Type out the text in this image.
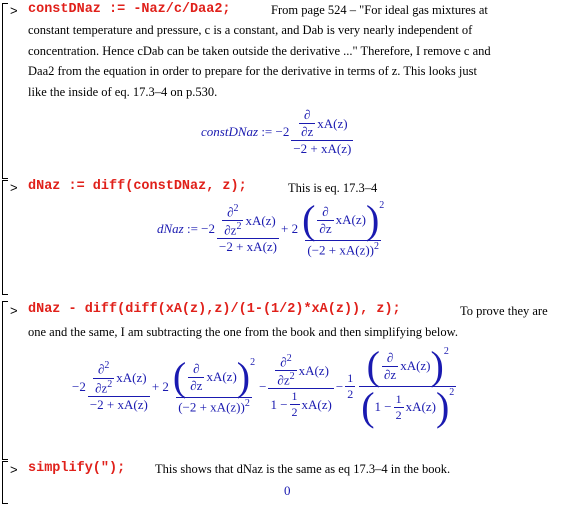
> constDNaz := -Naz/c/Daa2;	From page 524 – "For ideal gas mixtures at
constant temperature and pressure, c is a constant, and Dab is very nearly independent of
concentration. Hence cDab can be taken outside the derivative ..." Therefore, I remove c and
Daa2 from the equation in order to prepare for the derivative in terms of z. This looks just
like the inside of eq. 17.3–4 on p.530.
constDNaz
:= $-2 \frac{\frac{\partial}{\partial z} xA(z)}{-2 + xA(z)}$
> dNaz := diff(constDNaz, z);	This is eq. 17.3–4
dNaz
:= $-2 \frac{\frac{\partial^2}{\partial z^2} xA(z)}{-2 + xA(z)} + 2 \frac{( \frac{\partial}{\partial z} xA(z) ) 2}{(-2 + xA(z))^2}$
> dNaz - diff(diff(xA(z),z)/(1-(1/2)*xA(z)), z);	To prove they are
one and the same, I am subtracting the one from the book and then simplifying below.
$-2 \frac{\frac{\partial^2}{\partial z^2} xA(z)}{-2 + xA(z)} + 2 \frac{( \frac{\partial}{\partial z} xA(z) ) 2}{(-2 + xA(z))^2} - \frac{\frac{\partial^2}{\partial z^2} xA(z)}{1 - \frac{1}{2} xA(z)} - \frac{1}{2} \frac{( \frac{\partial}{\partial z} xA(z) ) 2}{( 1 - \frac{1}{2} xA(z) ) 2}$
> simplify("); This shows that dNaz is the same as eq 17.3–4 in the book.
0
